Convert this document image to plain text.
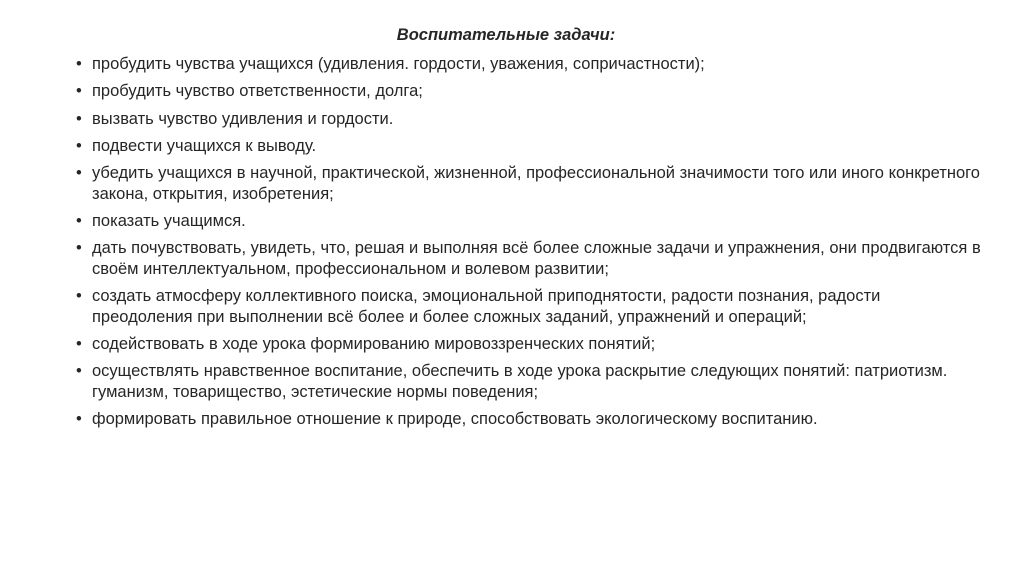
Воспитательные задачи:
• пробудить чувства учащихся (удивления. гордости, уважения, сопричастности);
• пробудить чувство ответственности, долга;
• вызвать чувство удивления и гордости.
• подвести учащихся к выводу.
• убедить учащихся в научной, практической, жизненной, профессиональной значимости того или иного конкретного закона, открытия, изобретения;
• показать учащимся.
• дать почувствовать, увидеть, что, решая и выполняя всё более сложные задачи и упражнения, они продвигаются в своём интеллектуальном, профессиональном и волевом развитии;
• создать атмосферу коллективного поиска, эмоциональной приподнятости, радости познания, радости преодоления при выполнении всё более и более сложных заданий, упражнений и операций;
• содействовать в ходе урока формированию мировоззренческих понятий;
• осуществлять нравственное воспитание, обеспечить в ходе урока раскрытие следующих понятий: патриотизм. гуманизм, товарищество, эстетические нормы поведения;
• формировать правильное отношение к природе, способствовать экологическому воспитанию.
